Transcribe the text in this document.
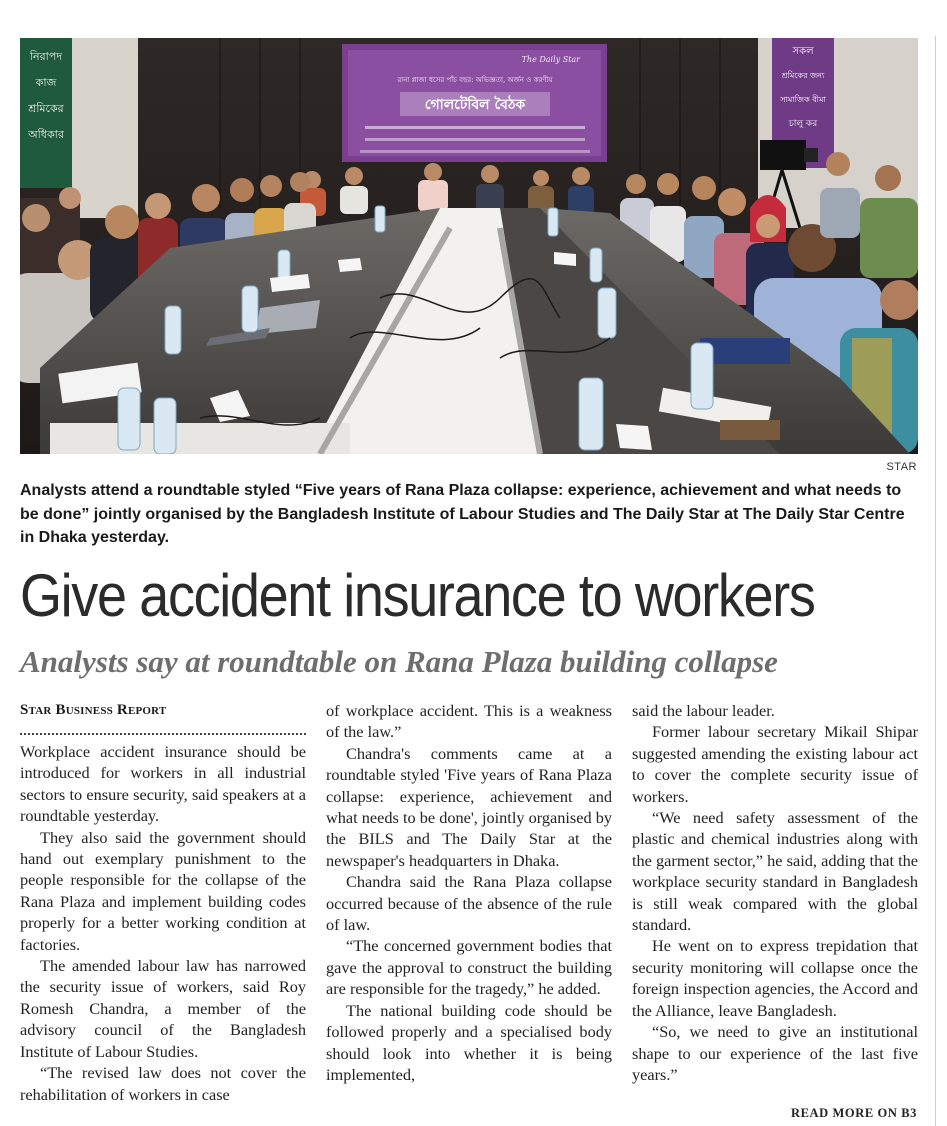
নিরাপদ
কাজ
শ্রমিকের
অধিকার
The Daily Star
রানা প্লাজা ধসের পাঁচ বছর: অভিজ্ঞতা, অর্জন ও করণীয়
গোলটেবিল বৈঠক
সকল
শ্রমিকের জন্য
সামাজিক বীমা
চালু কর
STAR
Analysts attend a roundtable styled “Five years of Rana Plaza collapse: experience, achievement and what needs to be done” jointly organised by the Bangladesh Institute of Labour Studies and The Daily Star at The Daily Star Centre in Dhaka yesterday.
Give accident insurance to workers
Analysts say at roundtable on Rana Plaza building collapse
Star Business Report

Workplace accident insurance should be introduced for workers in all industrial sectors to ensure security, said speakers at a roundtable yesterday.

They also said the government should hand out exemplary punishment to the people responsible for the collapse of the Rana Plaza and implement building codes properly for a better working condition at factories.

The amended labour law has narrowed the security issue of workers, said Roy Romesh Chandra, a member of the advisory council of the Bangladesh Institute of Labour Studies.

“The revised law does not cover the rehabilitation of workers in case

of workplace accident. This is a weakness of the law.”

Chandra's comments came at a roundtable styled 'Five years of Rana Plaza collapse: experience, achievement and what needs to be done', jointly organised by the BILS and The Daily Star at the newspaper's headquarters in Dhaka.

Chandra said the Rana Plaza collapse occurred because of the absence of the rule of law.

“The concerned government bodies that gave the approval to construct the building are responsible for the tragedy,” he added.

The national building code should be followed properly and a specialised body should look into whether it is being implemented,

said the labour leader.

Former labour secretary Mikail Shipar suggested amending the existing labour act to cover the complete security issue of workers.

“We need safety assessment of the plastic and chemical industries along with the garment sector,” he said, adding that the workplace security standard in Bangladesh is still weak compared with the global standard.

He went on to express trepidation that security monitoring will collapse once the foreign inspection agencies, the Accord and the Alliance, leave Bangladesh.

“So, we need to give an institutional shape to our experience of the last five years.”

READ MORE ON B3
